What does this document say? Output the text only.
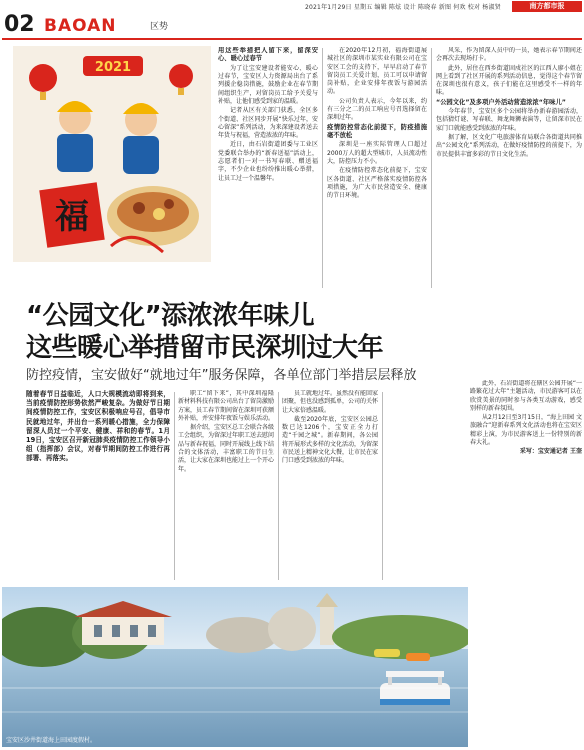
2021年1月29日 星期五 编辑 陈炫 设计 陈晓春 新图 何欢 校对 杨淑贤	南方都市报
02 BAOAN	区势
2021
福

用这些举措把人留下来，留深安心、暖心过春节

为了让宝安建设者能安心、暖心过春节，宝安区人力资源局出台了系列援企稳岗措施，鼓励企业在春节期间组织生产，对留岗员工给予关爱与补贴，让他们感受到家的温暖。

记者从区有关部门获悉，全区多个街道、社区同步开展“快乐过年，安心留深”系列活动，为来深建设者送去年货与祝福，营造浓浓的年味。

近日，由石岩街道团委与工业区党委联合举办的“新春送福”活动上，志愿者们一对一书写春联、赠送福字，不少企业也纷纷推出暖心举措，让员工过一个温馨年。

在2020年12月初，福海街道展城社区的深圳市某实业有限公司在宝安区工会的支持下，早早启动了春节留岗员工关爱计划，员工可以申请留岗补贴，企业安排年夜饭与游园活动。

公司负责人表示，今年以来，约有三分之二的员工响应号召选择留在深圳过年。

疫情防控常态化前提下，防疫措施毫不放松

深圳是一座实际管理人口超过2000万人的超大型城市，人员流动性大，防控压力不小。

在疫情防控常态化前提下，宝安区各街道、社区严格落实疫情防控各项措施，为广大市民营造安全、健康的节日环境。

风采，作为留深人员中的一员，她表示春节期间还会再次去现场打卡。

此外，居住在西乡街道固戍社区的江西人廖小姐在网上看到了社区开展的系列活动信息，觉得这个春节留在深圳也很有意义，孩子们能在这里感受不一样的年味。

“公园文化”及多项户外活动营造浓浓“年味儿”

今年春节，宝安区多个公园将举办新春游园活动，包括猜灯谜、写春联、舞龙舞狮表演等，让留深市民在家门口就能感受到浓浓的年味。

据了解，区文化广电旅游体育局联合各街道共同推出“公园文化”系列活动，在做好疫情防控的前提下，为市民提供丰富多彩的节日文化生活。

“公园文化”添浓浓年味儿
这些暖心举措留市民深圳过大年
防控疫情，宝安做好“就地过年”服务保障，各单位部门举措层层释放

随着春节日益临近，人口大规模流动即将到来，当前疫情防控形势依然严峻复杂。为做好节日期间疫情防控工作，宝安区积极响应号召，倡导市民就地过年，并出台一系列暖心措施，全力保障留深人员过一个平安、健康、祥和的春节。1月19日，宝安区召开新冠肺炎疫情防控工作领导小组（指挥部）会议，对春节期间防控工作进行再部署、再落实。

职工“留下来”，其中深圳福隆新材料科技有限公司出台了留岗激励方案，员工春节期间留在深圳可获额外补贴，并安排年夜饭与娱乐活动。

据介绍，宝安区总工会联合各级工会组织，为留深过年职工送去慰问品与新春祝福，同时开展线上线下结合的文体活动，丰富职工的节日生活，让大家在深圳也能过上一个开心年。

员工就地过年。虽然没有能回家团聚，但也没感到孤单，公司的关怀让大家倍感温暖。

截至2020年底，宝安区公园总数已达1206个，宝安正全力打造“千园之城”。新春期间，各公园将开展形式多样的文化活动，为留深市民送上精神文化大餐，让市民在家门口感受到浓浓的年味。

此外，石岩街道将在辖区公园开展“一路繁花过大年”主题活动，市民游客可以在欣赏美景的同时参与各类互动游戏，感受别样的新春氛围。

从2月12日至3月15日，“海上田园 文旅融合”迎新春系列文化活动也将在宝安区精彩上演，为市民游客送上一份特别的新春大礼。

采写：宝安通记者 王奎

宝安区沙井街道海上田园度假村。
